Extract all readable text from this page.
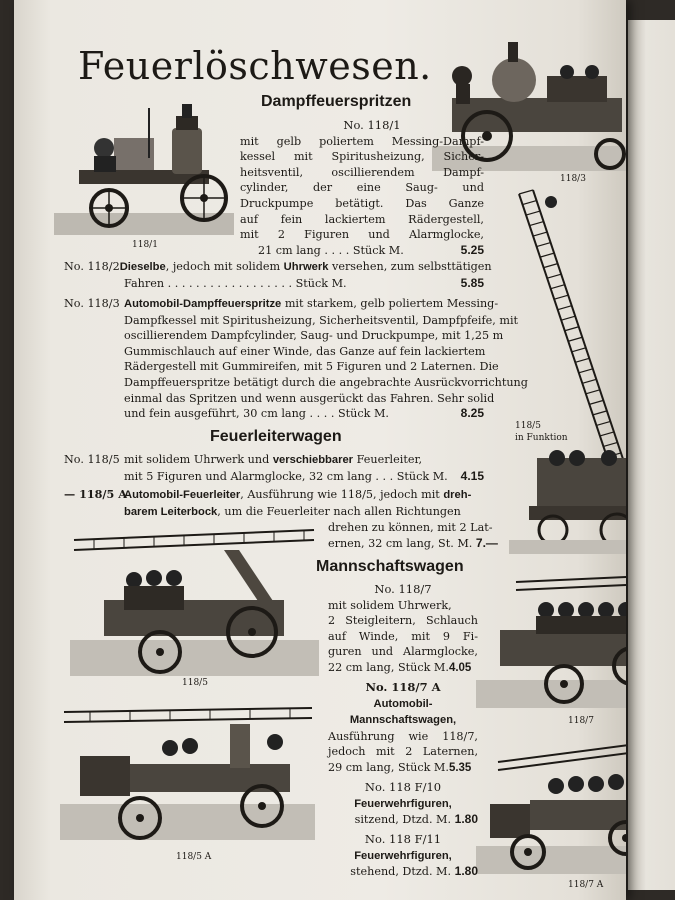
Feuerlöschwesen.
118/1
118/3
118/5
in Funktion
118/5
118/5 A
118/7
118/7 A
Dampffeuerspritzen
No. 118/1
mit gelb poliertem Messing-Dampf-
kessel mit Spiritusheizung, Sicher-
heitsventil, oscillierendem Dampf-
cylinder, der eine Saug- und
Druckpumpe betätigt. Das Ganze
auf fein lackiertem Rädergestell,
mit 2 Figuren und Alarmglocke,
21 cm lang . . . . Stück M.	5.25
No. 118/2 Dieselbe, jedoch mit solidem Uhrwerk versehen, zum selbsttätigen
Fahren . . . . . . . . . . . . . . . . . . Stück M.	5.85
No. 118/3 Automobil-Dampffeuerspritze mit starkem, gelb poliertem Messing-
Dampfkessel mit Spiritusheizung, Sicherheitsventil, Dampfpfeife, mit
oscillierendem Dampfcylinder, Saug- und Druckpumpe, mit 1,25 m
Gummischlauch auf einer Winde, das Ganze auf fein lackiertem
Rädergestell mit Gummireifen, mit 5 Figuren und 2 Laternen. Die
Dampffeuerspritze betätigt durch die angebrachte Ausrückvorrichtung
einmal das Spritzen und wenn ausgerückt das Fahren. Sehr solid
und fein ausgeführt, 30 cm lang . . . . Stück M.	8.25
Feuerleiterwagen
No. 118/5 mit solidem Uhrwerk und verschiebbarer Feuerleiter,
mit 5 Figuren und Alarmglocke, 32 cm lang . . . Stück M. 4.15
— 118/5 A
Automobil-Feuerleiter, Ausführung wie 118/5, jedoch mit dreh-
barem Leiterbock, um die Feuerleiter nach allen Richtungen
drehen zu können, mit 2 Lat-
ernen, 32 cm lang, St. M. 7.—
Mannschaftswagen
No. 118/7
mit solidem Uhrwerk,
2 Steigleitern, Schlauch
auf Winde, mit 9 Fi-
guren und Alarmglocke,
22 cm lang, Stück M.4.05
No. 118/7 A
Automobil-
Mannschaftswagen,
Ausführung wie 118/7,
jedoch mit 2 Laternen,
29 cm lang, Stück M.5.35
No. 118 F/10
Feuerwehrfiguren,
sitzend, Dtzd. M. 1.80
No. 118 F/11
Feuerwehrfiguren,
stehend, Dtzd. M. 1.80
